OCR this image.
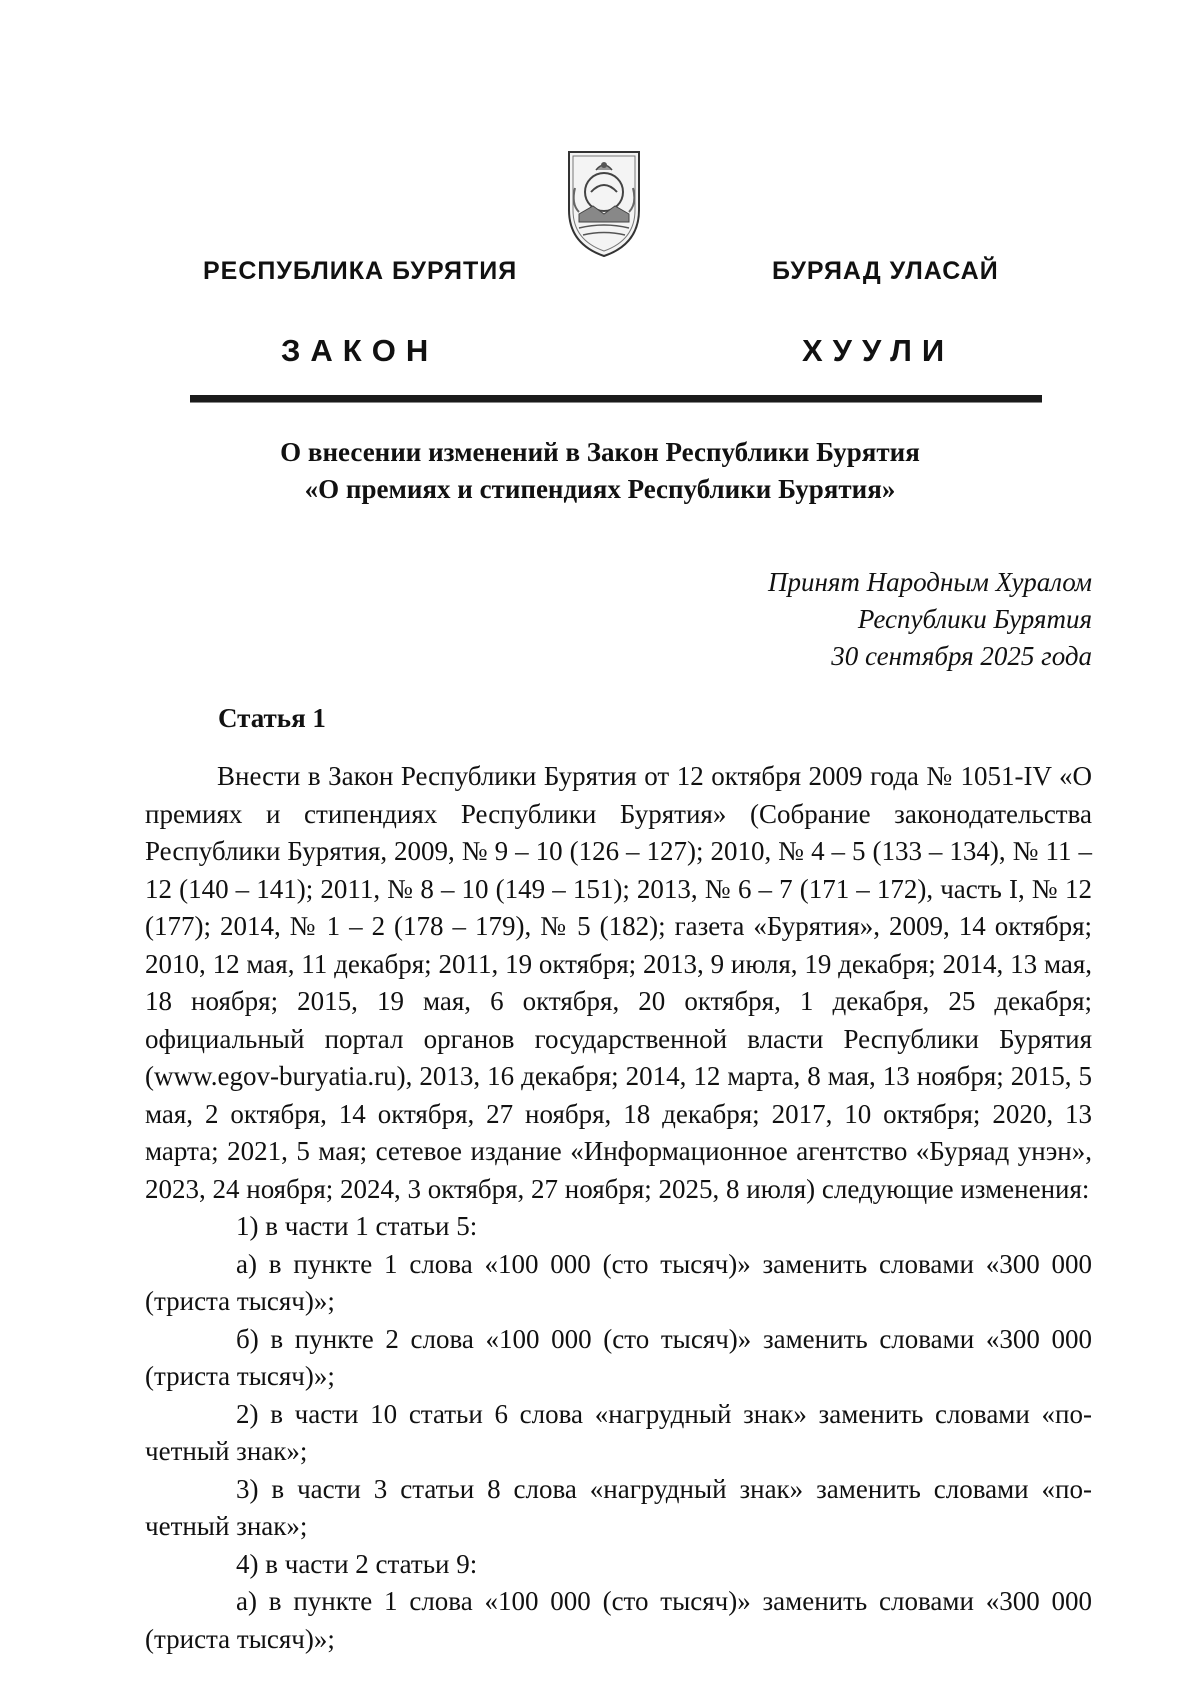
РЕСПУБЛИКА БУРЯТИЯ	БУРЯАД УЛАСАЙ
ЗАКОН	ХУУЛИ
О внесении изменений в Закон Республики Бурятия
«О премиях и стипендиях Республики Бурятия»
Принят Народным Хуралом
Республики Бурятия
30 сентября 2025 года
Статья 1

Внести в Закон Республики Бурятия от 12 октября 2009 года № 1051-IV «О премиях и стипендиях Республики Бурятия» (Собрание законодательства Республики Бурятия, 2009, № 9 – 10 (126 – 127); 2010, № 4 – 5 (133 – 134), № 11 – 12 (140 – 141); 2011, № 8 – 10 (149 – 151); 2013, № 6 – 7 (171 – 172), часть I, № 12 (177); 2014, № 1 – 2 (178 – 179), № 5 (182); газета «Бурятия», 2009, 14 октября; 2010, 12 мая, 11 декабря; 2011, 19 октября; 2013, 9 июля, 19 декабря; 2014, 13 мая, 18 ноября; 2015, 19 мая, 6 октября, 20 октября, 1 декабря, 25 декабря; официальный портал органов государственной власти Республики Бурятия (www.egov-buryatia.ru), 2013, 16 декабря; 2014, 12 марта, 8 мая, 13 ноября; 2015, 5 мая, 2 октября, 14 октября, 27 ноября, 18 декабря; 2017, 10 октября; 2020, 13 марта; 2021, 5 мая; сетевое издание «Информационное агентство «Буряад унэн», 2023, 24 ноября; 2024, 3 октября, 27 ноября; 2025, 8 июля) следующие изменения:

1) в части 1 статьи 5:

а) в пункте 1 слова «100 000 (сто тысяч)» заменить словами «300 000 (триста тысяч)»;

б) в пункте 2 слова «100 000 (сто тысяч)» заменить словами «300 000 (триста тысяч)»;

2) в части 10 статьи 6 слова «нагрудный знак» заменить словами «почетный знак»;

3) в части 3 статьи 8 слова «нагрудный знак» заменить словами «почетный знак»;

4) в части 2 статьи 9:

а) в пункте 1 слова «100 000 (сто тысяч)» заменить словами «300 000 (триста тысяч)»;
